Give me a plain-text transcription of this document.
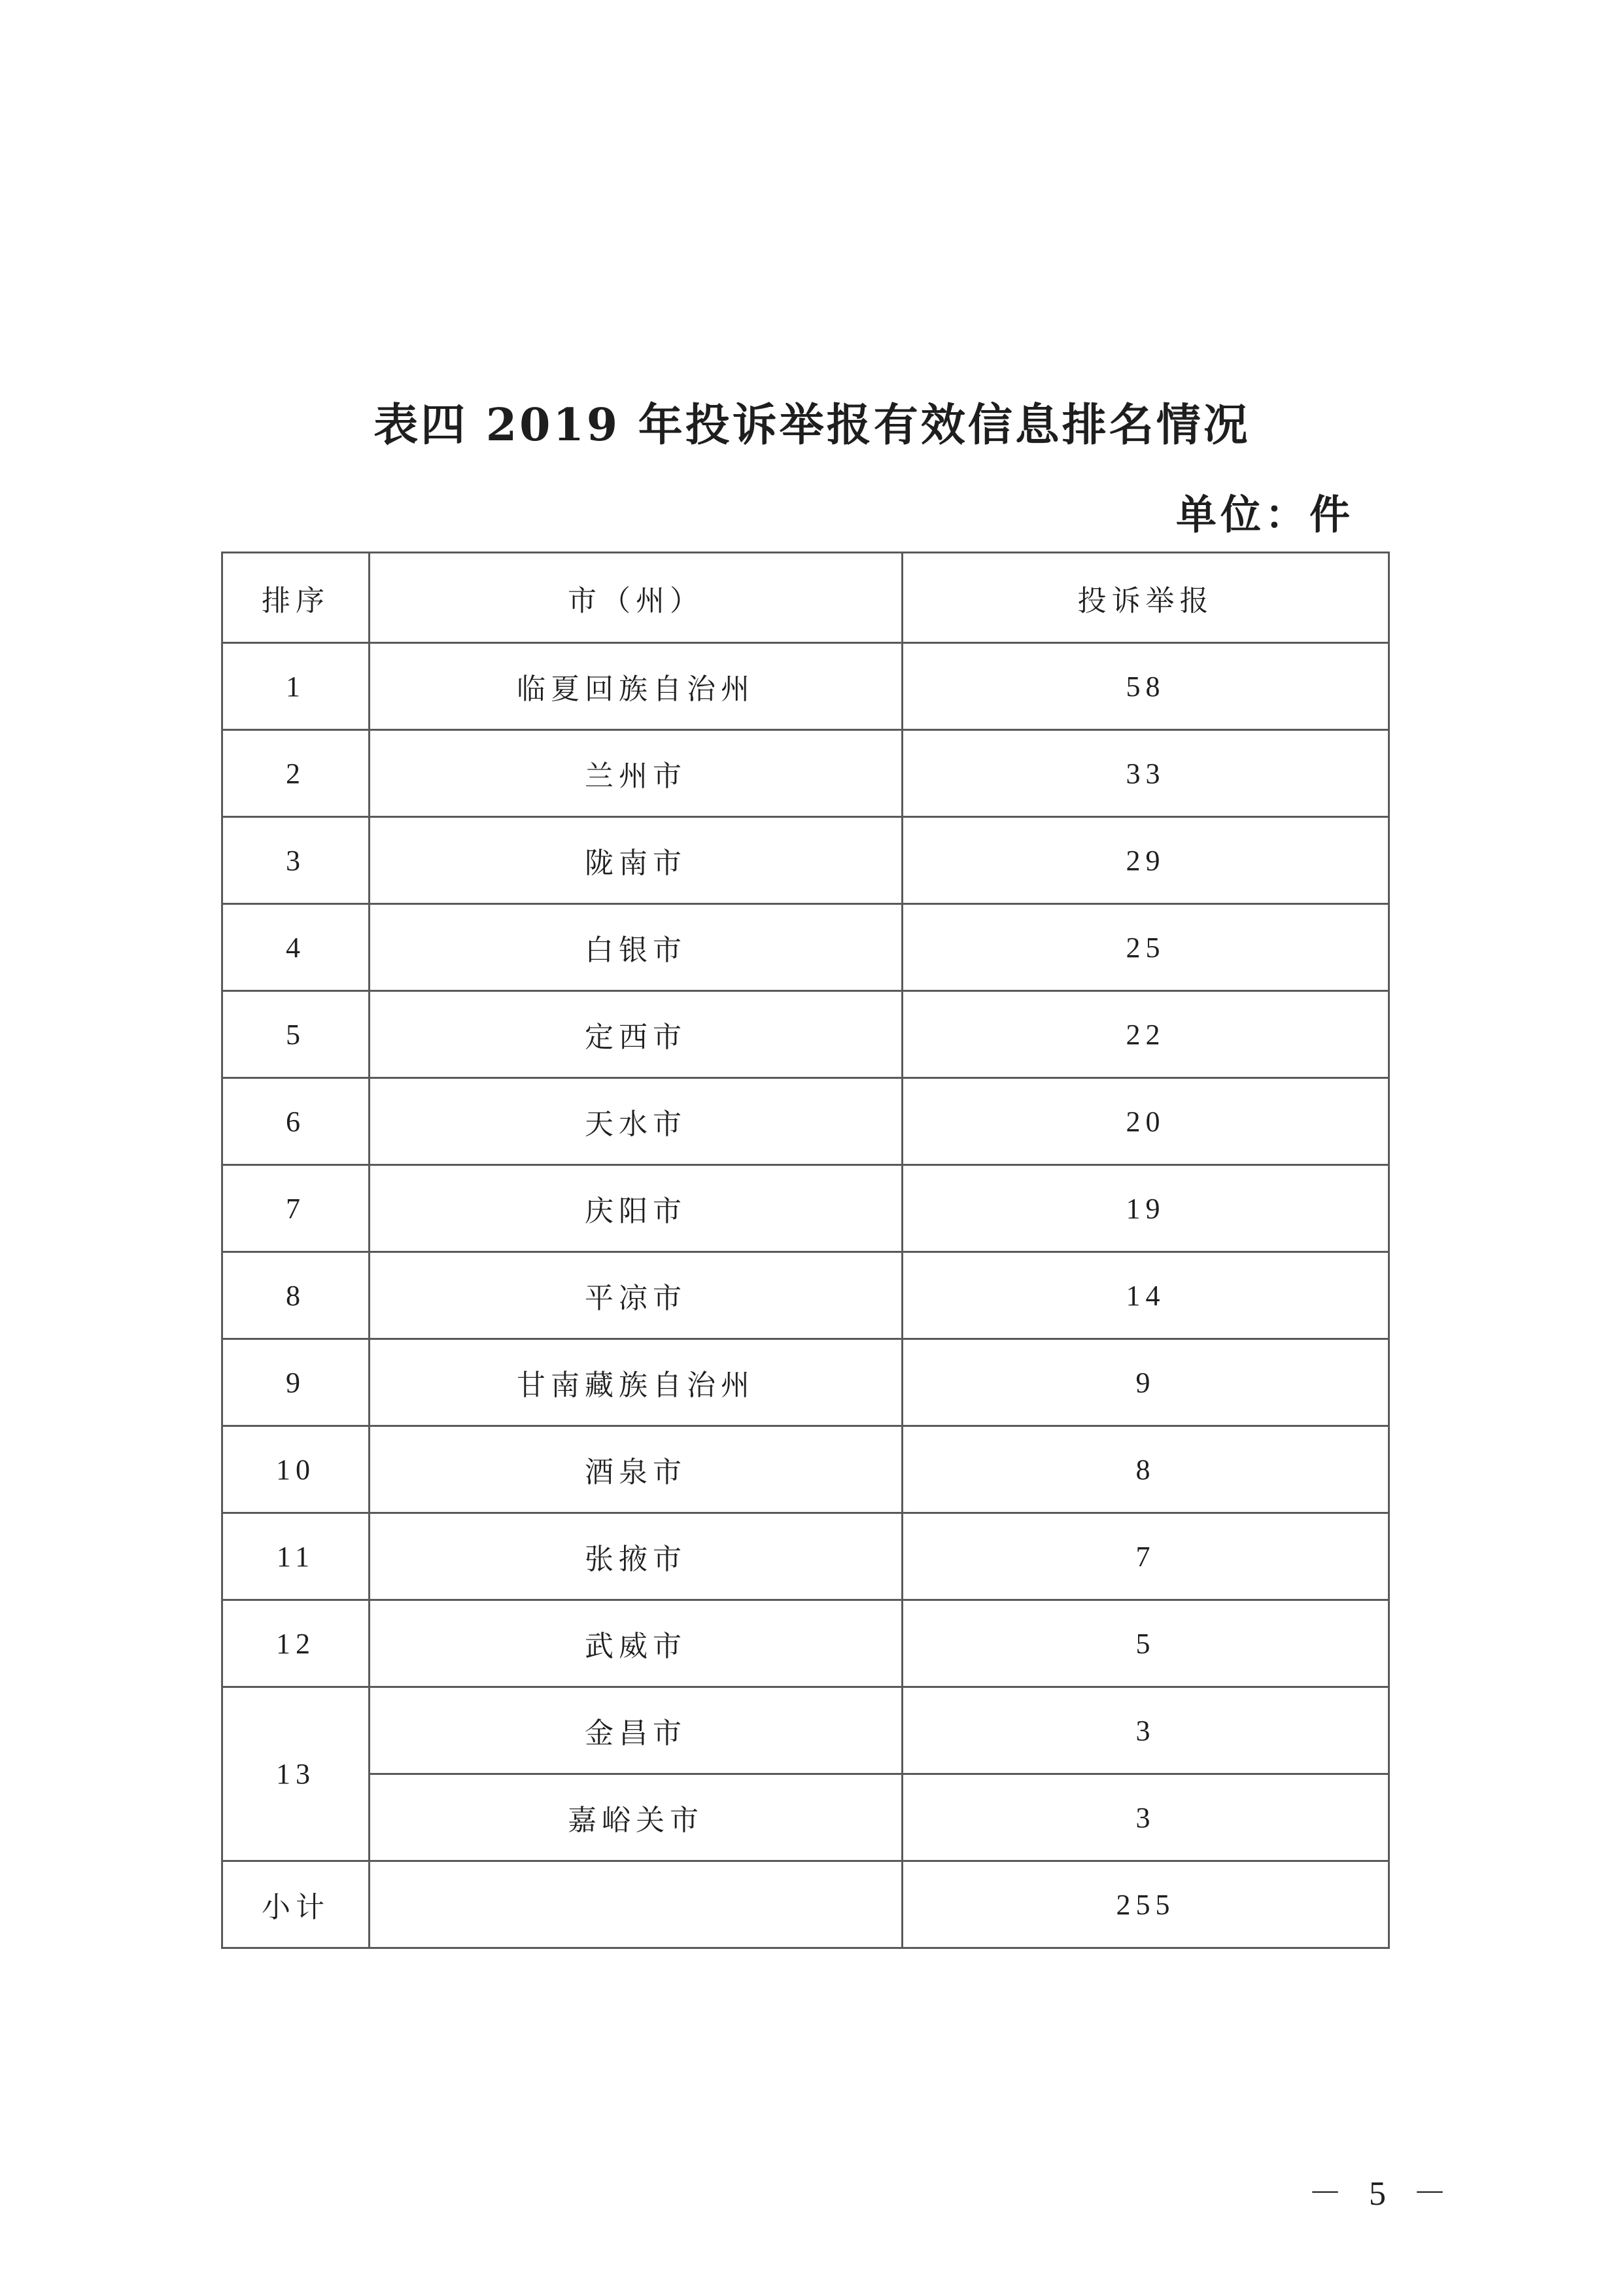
表四 2019 年投诉举报有效信息排名情况
单位：件
排序	市（州）	投诉举报
1	临夏回族自治州	58
2	兰州市	33
3	陇南市	29
4	白银市	25
5	定西市	22
6	天水市	20
7	庆阳市	19
8	平凉市	14
9	甘南藏族自治州	9
10	酒泉市	8
11	张掖市	7
12	武威市	5
13	金昌市	3
	嘉峪关市	3
小计		255
－ 5 －
